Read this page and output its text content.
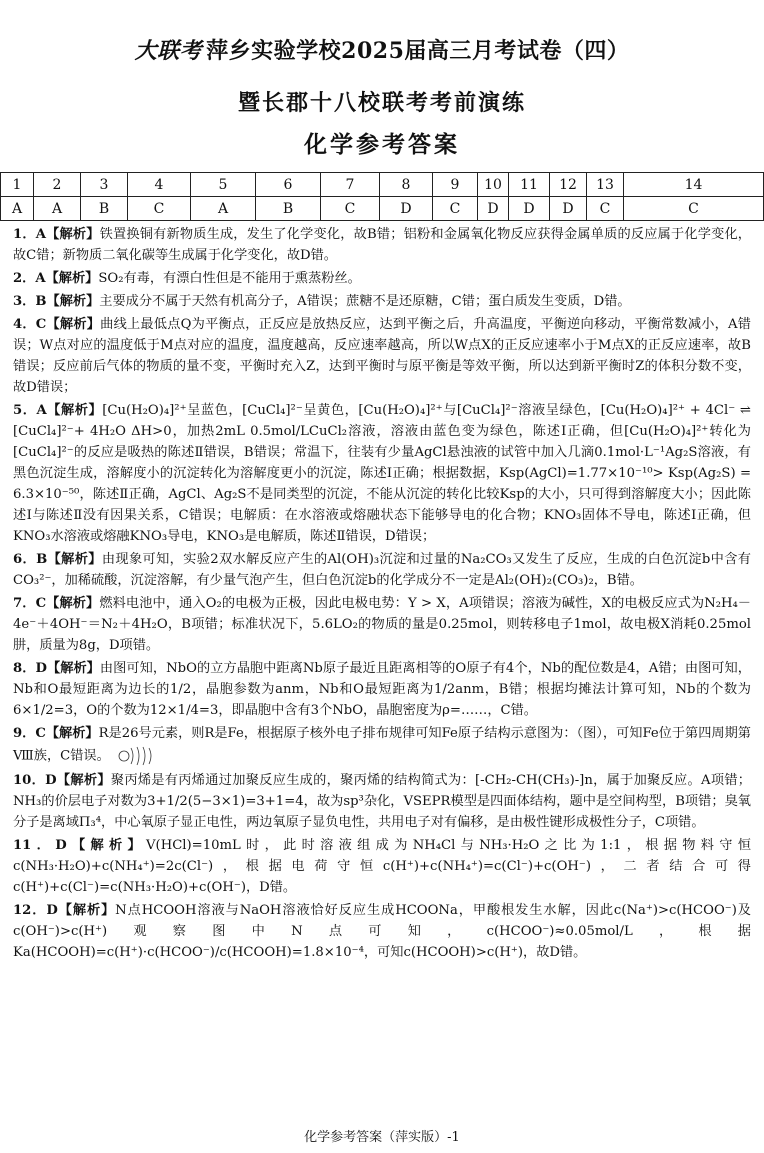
大联考 萍乡实验学校2025届高三月考试卷（四）
暨长郡十八校联考考前演练
化学参考答案
1	2	3	4	5	6	7	8	9	10	11	12	13	14
A	A	B	C	A	B	C	D	C	D	D	D	C	C

1．A【解析】铁置换铜有新物质生成，发生了化学变化，故B错；铝粉和金属氧化物反应获得金属单质的反应属于化学变化，故C错；新物质二氧化碳等生成属于化学变化，故D错。

2．A【解析】SO₂有毒，有漂白性但是不能用于熏蒸粉丝。

3．B【解析】主要成分不属于天然有机高分子，A错误；蔗糖不是还原糖，C错；蛋白质发生变质，D错。

4．C【解析】曲线上最低点Q为平衡点，正反应是放热反应，达到平衡之后，升高温度，平衡逆向移动，平衡常数减小，A错误；W点对应的温度低于M点对应的温度，温度越高，反应速率越高，所以W点X的正反应速率小于M点X的正反应速率，故B错误；反应前后气体的物质的量不变，平衡时充入Z，达到平衡时与原平衡是等效平衡，所以达到新平衡时Z的体积分数不变，故D错误；

5．A【解析】[Cu(H₂O)₄]²⁺呈蓝色，[CuCl₄]²⁻呈黄色，[Cu(H₂O)₄]²⁺与[CuCl₄]²⁻溶液呈绿色，[Cu(H₂O)₄]²⁺ + 4Cl⁻ ⇌ [CuCl₄]²⁻+ 4H₂O ΔH>0，加热2mL 0.5mol/LCuCl₂溶液，溶液由蓝色变为绿色，陈述Ⅰ正确，但[Cu(H₂O)₄]²⁺转化为[CuCl₄]²⁻的反应是吸热的陈述Ⅱ错误，B错误；常温下，往装有少量AgCl悬浊液的试管中加入几滴0.1mol·L⁻¹Ag₂S溶液，有黑色沉淀生成，溶解度小的沉淀转化为溶解度更小的沉淀，陈述Ⅰ正确；根据数据，Ksp(AgCl)=1.77×10⁻¹⁰> Ksp(Ag₂S) = 6.3×10⁻⁵⁰，陈述Ⅱ正确，AgCl、Ag₂S不是同类型的沉淀，不能从沉淀的转化比较Ksp的大小，只可得到溶解度大小；因此陈述Ⅰ与陈述Ⅱ没有因果关系，C错误；电解质：在水溶液或熔融状态下能够导电的化合物；KNO₃固体不导电，陈述Ⅰ正确，但KNO₃水溶液或熔融KNO₃导电，KNO₃是电解质，陈述Ⅱ错误，D错误；

6．B【解析】由现象可知，实验2双水解反应产生的Al(OH)₃沉淀和过量的Na₂CO₃又发生了反应，生成的白色沉淀b中含有CO₃²⁻，加稀硫酸，沉淀溶解，有少量气泡产生，但白色沉淀b的化学成分不一定是Al₂(OH)₂(CO₃)₂，B错。

7．C【解析】燃料电池中，通入O₂的电极为正极，因此电极电势：Y > X，A项错误；溶液为碱性，X的电极反应式为N₂H₄－4e⁻＋4OH⁻＝N₂＋4H₂O，B项错；标准状况下，5.6LO₂的物质的量是0.25mol，则转移电子1mol，故电极X消耗0.25mol肼，质量为8g，D项错。

8．D【解析】由图可知，NbO的立方晶胞中距离Nb原子最近且距离相等的O原子有4个，Nb的配位数是4，A错；由图可知，Nb和O最短距离为边长的1/2，晶胞参数为anm，Nb和O最短距离为1/2anm，B错；根据均摊法计算可知，Nb的个数为6×1/2=3，O的个数为12×1/4=3，即晶胞中含有3个NbO，晶胞密度为ρ=……，C错。

9．C【解析】R是26号元素，则R是Fe，根据原子核外电子排布规律可知Fe原子结构示意图为：（图），可知Fe位于第四周期第Ⅷ族，C错误。

10．D【解析】聚丙烯是有丙烯通过加聚反应生成的，聚丙烯的结构简式为：[-CH₂-CH(CH₃)-]n，属于加聚反应。A项错；NH₃的价层电子对数为3+1/2(5−3×1)=3+1=4，故为sp³杂化，VSEPR模型是四面体结构，题中是空间构型，B项错；臭氧分子是离域Π₃⁴，中心氧原子显正电性，两边氧原子显负电性，共用电子对有偏移，是由极性键形成极性分子，C项错。

11．D【解析】V(HCl)=10mL时，此时溶液组成为NH₄Cl与NH₃·H₂O之比为1:1，根据物料守恒c(NH₃·H₂O)+c(NH₄⁺)=2c(Cl⁻)，根据电荷守恒c(H⁺)+c(NH₄⁺)=c(Cl⁻)+c(OH⁻)，二者结合可得c(H⁺)+c(Cl⁻)=c(NH₃·H₂O)+c(OH⁻)，D错。

12．D【解析】N点HCOOH溶液与NaOH溶液恰好反应生成HCOONa，甲酸根发生水解，因此c(Na⁺)>c(HCOO⁻)及c(OH⁻)>c(H⁺)观察图中N点可知，c(HCOO⁻)≈0.05mol/L，根据Ka(HCOOH)=c(H⁺)·c(HCOO⁻)/c(HCOOH)=1.8×10⁻⁴，可知c(HCOOH)>c(H⁺)，故D错。

化学参考答案（萍实版）-1
